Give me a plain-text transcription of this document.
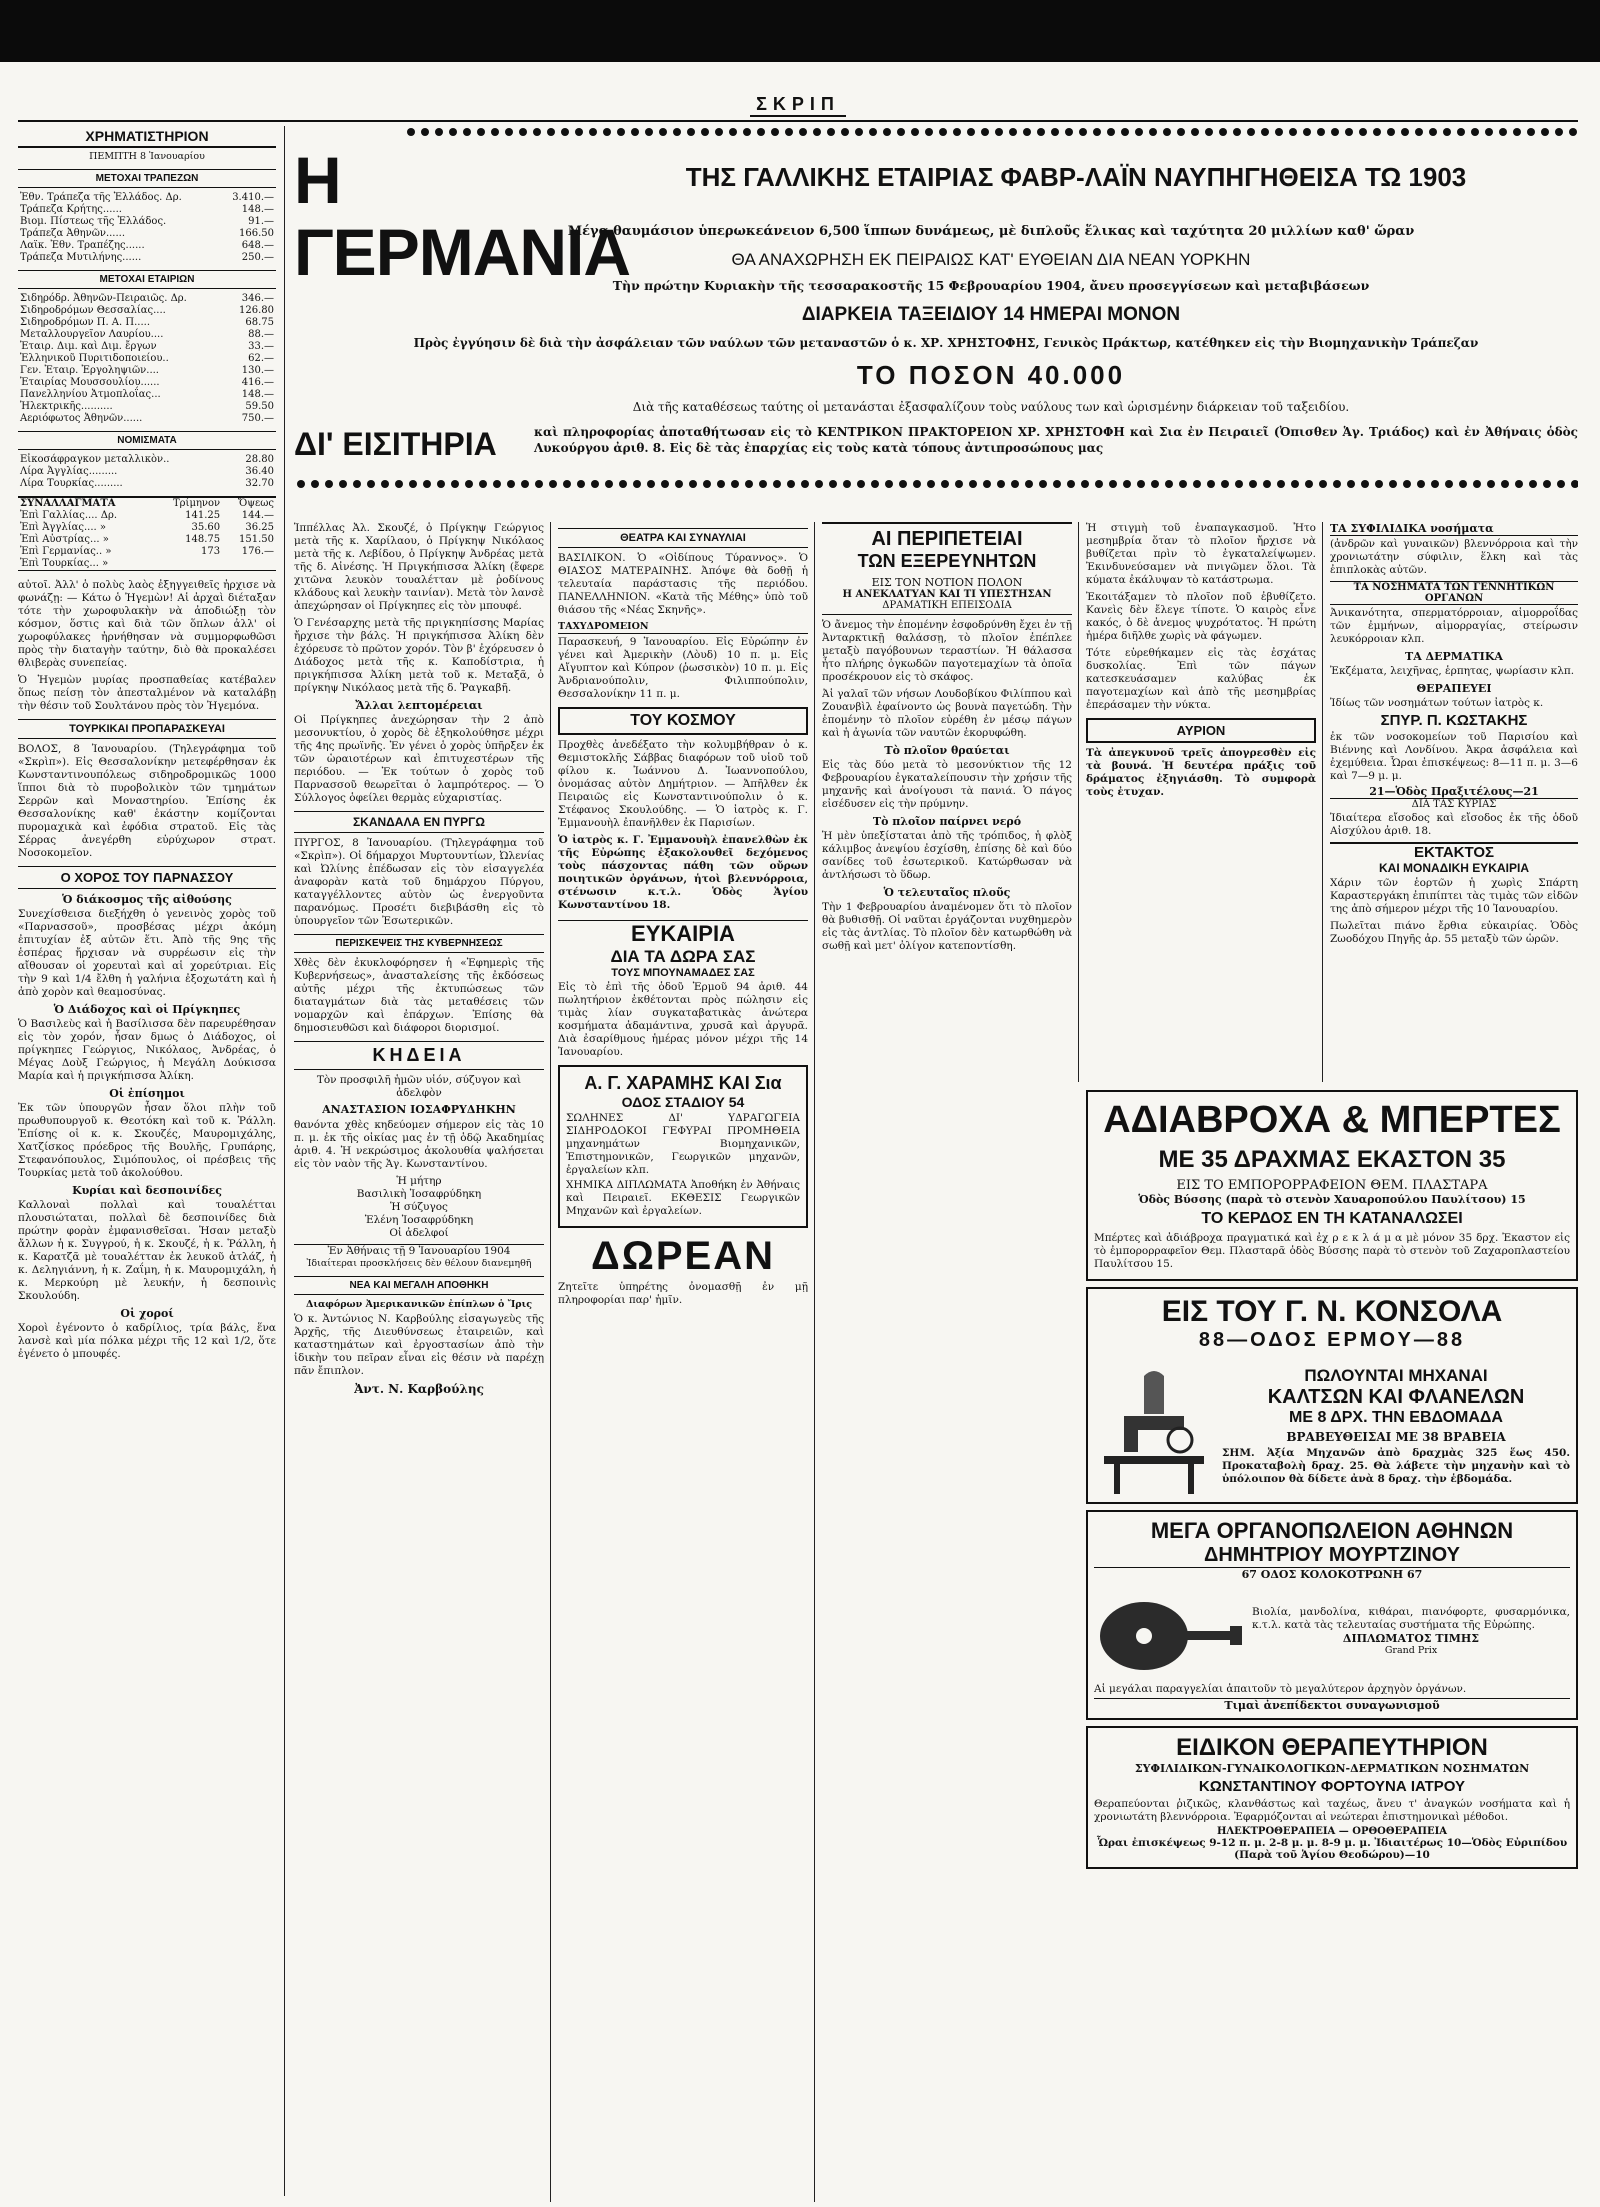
ΣΚΡΙΠ
ΧΡΗΜΑΤΙΣΤΗΡΙΟΝ
ΠΕΜΠΤΗ 8 Ἰανουαρίου
ΜΕΤΟΧΑΙ ΤΡΑΠΕΖΩΝ
Ἐθν. Τράπεζα τῆς Ἑλλάδος. Δρ.	3.410.—
Τράπεζα Κρήτης......	148.—
Βιομ. Πίστεως τῆς Ἑλλάδος.	91.—
Τράπεζα Ἀθηνῶν......	166.50
Λαϊκ. Ἐθν. Τραπέζης......	648.—
Τράπεζα Μυτιλήνης......	250.—
ΜΕΤΟΧΑΙ ΕΤΑΙΡΙΩΝ
Σιδηρόδρ. Ἀθηνῶν-Πειραιῶς. Δρ.	346.—
Σιδηροδρόμων Θεσσαλίας....	126.80
Σιδηροδρόμων Π. Α. Π.....	68.75
Μεταλλουργεῖον Λαυρίου....	88.—
Ἐταιρ. Διμ. καὶ Διμ. ἔργων	33.—
Ἑλληνικοῦ Πυριτιδοποιείου..	62.—
Γεν. Ἐταιρ. Ἐργοληψιῶν....	130.—
Ἐταιρίας Μουσσουλίου......	416.—
Πανελληνίου Ἀτμοπλοΐας...	148.—
Ἠλεκτρικῆς..........	59.50
Αεριόφωτος Ἀθηνῶν......	750.—
ΝΟΜΙΣΜΑΤΑ
Εἰκοσάφραγκον μεταλλικὸν..	28.80
Λίρα Ἀγγλίας.........	36.40
Λίρα Τουρκίας.........	32.70
ΣΥΝΑΛΛΑΓΜΑΤΑ	Τρίμηνον	Ὄψεως
Ἐπὶ Γαλλίας.... Δρ.	141.25	144.—
Ἐπὶ Ἀγγλίας.... »	35.60	36.25
Ἐπὶ Αὐστρίας... »	148.75	151.50
Ἐπὶ Γερμανίας.. »	173	176.—
Ἐπὶ Τουρκίας... »		

αὐτοῖ. Ἀλλ' ὁ πολὺς λαὸς ἐξηγγειθεῖς ἠρχισε νὰ φωνάζῃ: — Κάτω ὁ Ἠγεμὼν! Αἱ ἀρχαὶ διέταξαν τότε τὴν χωροφυλακὴν νὰ ἀποδιώξῃ τὸν κόσμον, ὅστις καὶ διὰ τῶν ὅπλων ἀλλ' οἱ χωροφύλακες ἠρνήθησαν νὰ συμμορφωθῶσι πρὸς τὴν διαταγὴν ταύτην, διὸ θὰ προκαλέσει θλιβερὰς συνεπείας.

Ὁ Ἡγεμὼν μυρίας προσπαθείας κατέβαλεν ὅπως πείσῃ τὸν ἀπεσταλμένον νὰ καταλάβῃ τὴν θέσιν τοῦ Σουλτάνου πρὸς τὸν Ἠγεμόνα.

ΤΟΥΡΚΙΚΑΙ ΠΡΟΠΑΡΑΣΚΕΥΑΙ

ΒΟΛΟΣ, 8 Ἰανουαρίου. (Τηλεγράφημα τοῦ «Σκρὶπ»). Εἰς Θεσσαλονίκην μετεφέρθησαν ἐκ Κωνσταντινουπόλεως σιδηροδρομικῶς 1000 ἵπποι διὰ τὸ πυροβολικὸν τῶν τμημάτων Σερρῶν καὶ Μοναστηρίου. Ἐπίσης ἐκ Θεσσαλονίκης καθ' ἑκάστην κομίζονται πυρομαχικὰ καὶ ἐφόδια στρατοῦ. Εἰς τὰς Σέρρας ἀνεγέρθη εὐρύχωρον στρατ. Νοσοκομεῖον.

Ο ΧΟΡΟΣ ΤΟΥ ΠΑΡΝΑΣΣΟΥ
Ὁ διάκοσμος τῆς αἰθούσης

Συνεχίσθεισα διεξήχθη ὁ γενεινὸς χορὸς τοῦ «Παρνασσοῦ», προσβέσας μέχρι ἀκόμη ἐπιτυχίαν ἐξ αὐτῶν ἕτι. Ἀπὸ τῆς 9ης τῆς ἑσπέρας ἤρχισαν νὰ συρρέωσιν εἰς τὴν αἴθουσαν οἱ χορευταὶ καὶ αἱ χορεύτριαι. Εἰς τὴν 9 καὶ 1/4 ἔλθη ἡ γαλήνια ἐξοχωτάτη καὶ ἡ ἀπὸ χορὸν καὶ θεαμοσύνας.

Ὁ Διάδοχος καὶ οἱ Πρίγκηπες

Ὁ Βασιλεὺς καὶ ἡ Βασίλισσα δὲν παρευρέθησαν εἰς τὸν χορόν, ἦσαν δμως ὁ Διάδοχος, οἱ πρίγκηπες Γεώργιος, Νικόλαος, Ἀνδρέας, ὁ Μέγας Δοὺξ Γεώργιος, ἡ Μεγάλη Δούκισσα Μαρία καὶ ἡ πριγκήπισσα Ἀλίκη.

Οἱ ἐπίσημοι

Ἐκ τῶν ὑπουργῶν ἦσαν ὅλοι πλὴν τοῦ πρωθυπουργοῦ κ. Θεοτόκη καὶ τοῦ κ. Ῥάλλη. Ἐπίσης οἱ κ. κ. Σκουζές, Μαυρομιχάλης, Χατζίσκος πρόεδρος τῆς Βουλῆς, Γρυπάρης, Στεφανόπουλος, Σιμόπουλος, οἱ πρέσβεις τῆς Τουρκίας μετὰ τοῦ ἀκολούθου.

Κυρίαι καὶ δεσποινίδες

Καλλοναὶ πολλαὶ καὶ τουαλέτται πλουσιώταται, πολλαὶ δὲ δεσποινίδες διὰ πρώτην φορὰν ἐμφανισθεῖσαι. Ἡσαν μεταξὺ ἄλλων ἡ κ. Συγγρού, ἡ κ. Σκουζέ, ἡ κ. Ῥάλλη, ἡ κ. Καρατζᾶ μὲ τουαλέτταν ἐκ λευκοῦ ἀτλάζ, ἡ κ. Δεληγιάννη, ἡ κ. Ζαΐμη, ἡ κ. Μαυρομιχάλη, ἡ κ. Μερκούρη μὲ λευκήν, ἡ δεσποινὶς Σκουλούδη.

Οἱ χοροί

Χοροὶ ἐγένοντο ὁ καδρίλιος, τρία βάλς, ἕνα λανσὲ καὶ μία πόλκα μέχρι τῆς 12 καὶ 1/2, ὅτε ἐγένετο ὁ μπουφές.

Η ΓΕΡΜΑΝΙΑ
ΤΗΣ ΓΑΛΛΙΚΗΣ ΕΤΑΙΡΙΑΣ ΦΑΒΡ-ΛΑΪΝ ΝΑΥΠΗΓΗΘΕΙΣΑ ΤΩ 1903
Μέγα θαυμάσιον ὑπερωκεάνειον 6,500 ἵππων δυνάμεως, μὲ διπλοῦς ἕλικας καὶ ταχύτητα 20 μιλλίων καθ' ὥραν
ΘΑ ΑΝΑΧΩΡΗΣΗ ΕΚ ΠΕΙΡΑΙΩΣ ΚΑΤ' ΕΥΘΕΙΑΝ ΔΙΑ ΝΕΑΝ ΥΟΡΚΗΝ
Τὴν πρώτην Κυριακὴν τῆς τεσσαρακοστῆς 15 Φεβρουαρίου 1904, ἄνευ προσεγγίσεων καὶ μεταβιβάσεων
ΔΙΑΡΚΕΙΑ ΤΑΞΕΙΔΙΟΥ 14 ΗΜΕΡΑΙ ΜΟΝΟΝ
Πρὸς ἐγγύησιν δὲ διὰ τὴν ἀσφάλειαν τῶν ναύλων τῶν μεταναστῶν ὁ κ. ΧΡ. ΧΡΗΣΤΟΦΗΣ, Γενικὸς Πράκτωρ, κατέθηκεν εἰς τὴν Βιομηχανικὴν Τράπεζαν
ΤΟ ΠΟΣΟΝ 40.000
Διὰ τῆς καταθέσεως ταύτης οἱ μετανάσται ἐξασφαλίζουν τοὺς ναύλους των καὶ ὡρισμένην διάρκειαν τοῦ ταξειδίου.
ΔΙ' ΕΙΣΙΤΗΡΙΑ	καὶ πληροφορίας ἀποταθήτωσαν εἰς τὸ ΚΕΝΤΡΙΚΟΝ ΠΡΑΚΤΟΡΕΙΟΝ ΧΡ. ΧΡΗΣΤΟΦΗ καὶ Σια ἐν Πειραιεῖ (Ὀπισθεν Ἁγ. Τριάδος) καὶ ἐν Ἀθήναις ὁδὸς Λυκούργου ἀριθ. 8. Εἰς δὲ τὰς ἐπαρχίας εἰς τοὺς κατὰ τόπους ἀντιπροσώπους μας

Ἱππέλλας Ἀλ. Σκουζέ, ὁ Πρίγκηψ Γεώργιος μετὰ τῆς κ. Χαρίλαου, ὁ Πρίγκηψ Νικόλαος μετὰ τῆς κ. Λεβίδου, ὁ Πρίγκηψ Ἀνδρέας μετὰ τῆς δ. Αἰνέσης. Ἡ Πριγκήπισσα Ἀλίκη (ἔφερε χιτῶνα λευκὸν τουαλέτταν μὲ ῥοδίνους κλάδους καὶ λευκὴν ταινίαν). Μετὰ τὸν λανσὲ ἀπεχώρησαν οἱ Πρίγκηπες εἰς τὸν μπουφέ.

Ὁ Γενέσαρχης μετὰ τῆς πριγκηπίσσης Μαρίας ἤρχισε τὴν βάλς. Ἡ πριγκήπισσα Ἀλίκη δὲν ἐχόρευσε τὸ πρῶτον χορόν. Τὸν β' ἐχόρευσεν ὁ Διάδοχος μετὰ τῆς κ. Καποδίστρια, ἡ πριγκήπισσα Ἀλίκη μετὰ τοῦ κ. Μεταξᾶ, ὁ πρίγκηψ Νικόλαος μετὰ τῆς δ. Ῥαγκαβῆ.

Ἄλλαι λεπτομέρειαι

Οἱ Πρίγκηπες ἀνεχώρησαν τὴν 2 ἀπὸ μεσονυκτίου, ὁ χορὸς δὲ ἐξηκολούθησε μέχρι τῆς 4ης πρωϊνῆς. Ἐν γένει ὁ χορὸς ὑπῆρξεν ἐκ τῶν ὡραιοτέρων καὶ ἐπιτυχεστέρων τῆς περιόδου. — Ἐκ τούτων ὁ χορὸς τοῦ Παρνασσοῦ θεωρεῖται ὁ λαμπρότερος. — Ὁ Σύλλογος ὁφείλει θερμὰς εὐχαριστίας.

ΣΚΑΝΔΑΛΑ ΕΝ ΠΥΡΓΩ

ΠΥΡΓΟΣ, 8 Ἰανουαρίου. (Τηλεγράφημα τοῦ «Σκρὶπ»). Οἱ δήμαρχοι Μυρτουντίων, Ὠλενίας καὶ Ὠλίνης ἐπέδωσαν εἰς τὸν εἰσαγγελέα ἀναφορὰν κατὰ τοῦ δημάρχου Πύργου, καταγγέλλοντες αὐτὸν ὡς ἐνεργοῦντα παρανόμως. Προσέτι διεβιβάσθη εἰς τὸ ὑπουργεῖον τῶν Ἐσωτερικῶν.

ΠΕΡΙΣΚΕΨΕΙΣ ΤΗΣ ΚΥΒΕΡΝΗΣΕΩΣ

Χθὲς δὲν ἐκυκλοφόρησεν ἡ «Ἐφημερὶς τῆς Κυβερνήσεως», ἀνασταλείσης τῆς ἐκδόσεως αὐτῆς μέχρι τῆς ἐκτυπώσεως τῶν διαταγμάτων διὰ τὰς μεταθέσεις τῶν νομαρχῶν καὶ ἐπάρχων. Ἐπίσης θὰ δημοσιευθῶσι καὶ διάφοροι διορισμοί.

ΚΗΔΕΙΑ

Τὸν προσφιλῆ ἡμῶν υἱόν, σύζυγον καὶ ἀδελφὸν

ΑΝΑΣΤΑΣΙΟΝ ΙΟΣΑΦΡΥΔΗΚΗΝ

θανόντα χθὲς κηδεύομεν σήμερον εἰς τὰς 10 π. μ. ἐκ τῆς οἰκίας μας ἐν τῇ ὁδῷ Ἀκαδημίας ἀριθ. 4. Ἡ νεκρώσιμος ἀκολουθία ψαλήσεται εἰς τὸν ναὸν τῆς Ἁγ. Κωνσταντίνου.

Ἡ μήτηρ
Βασιλικὴ Ἰοσαφρύδηκη
Ἡ σύζυγος
Ἑλένη Ἰοσαφρύδηκη
Οἱ ἀδελφοί
Ἐν Ἀθήναις τῇ 9 Ἰανουαρίου 1904
Ἰδιαίτεραι προσκλήσεις δὲν θέλουν διανεμηθῆ
ΝΕΑ ΚΑΙ ΜΕΓΑΛΗ ΑΠΟΘΗΚΗ
Διαφόρων Ἀμερικανικῶν ἐπίπλων ὁ Ἴρις

Ὁ κ. Ἀντώνιος Ν. Καρβούλης εἰσαγωγεὺς τῆς Ἀρχῆς, τῆς Διευθύνσεως ἑταιρειῶν, καὶ καταστημάτων καὶ ἐργοστασίων ἀπὸ τὴν ἰδικὴν του πεῖραν εἶναι εἰς θέσιν νὰ παρέχῃ πᾶν ἔπιπλον.

Ἀντ. Ν. Καρβούλης
ΘΕΑΤΡΑ ΚΑΙ ΣΥΝΑΥΛΙΑΙ

ΒΑΣΙΛΙΚΟΝ. Ὁ «Οἰδίπους Τύραννος». Ὁ ΘΙΑΣΟΣ ΜΑΤΕΡΑΙΝΗΣ. Ἀπόψε θὰ δοθῇ ἡ τελευταία παράστασις τῆς περιόδου. ΠΑΝΕΛΛΗΝΙΟΝ. «Κατὰ τῆς Μέθης» ὑπὸ τοῦ θιάσου τῆς «Νέας Σκηνῆς».

ΤΑΧΥΔΡΟΜΕΙΟΝ

Παρασκευή, 9 Ἰανουαρίου. Εἰς Εὐρώπην ἐν γένει καὶ Ἀμερικὴν (Λὸυδ) 10 π. μ. Εἰς Αἴγυπτον καὶ Κύπρον (ῥωσσικὸν) 10 π. μ. Εἰς Ἀνδριανούπολιν, Φιλιππούπολιν, Θεσσαλονίκην 11 π. μ.

ΤΟΥ ΚΟΣΜΟΥ

Προχθὲς ἀνεδέξατο τὴν κολυμβήθραν ὁ κ. Θεμιστοκλῆς Σάββας διαφόρων τοῦ υἱοῦ τοῦ φίλου κ. Ἰωάννου Δ. Ἰωαννοπούλου, ὀνομάσας αὐτὸν Δημήτριον. — Ἀπῆλθεν ἐκ Πειραιῶς εἰς Κωνσταντινούπολιν ὁ κ. Στέφανος Σκουλούδης. — Ὁ ἰατρὸς κ. Γ. Ἐμμανουὴλ ἐπανῆλθεν ἐκ Παρισίων.

Ὁ ἰατρὸς κ. Γ. Ἐμμανουὴλ ἐπανελθὼν ἐκ τῆς Εὐρώπης ἐξακολουθεῖ δεχόμενος τοὺς πάσχοντας πάθη τῶν οὔρων ποιητικῶν ὀργάνων, ἡτοὶ βλεννόρροια, στένωσιν κ.τ.λ. Ὁδὸς Ἁγίου Κωνσταντίνου 18.

ΕΥΚΑΙΡΙΑ
ΔΙΑ ΤΑ ΔΩΡΑ ΣΑΣ
ΤΟΥΣ ΜΠΟΥΝΑΜΑΔΕΣ ΣΑΣ

Εἰς τὸ ἐπὶ τῆς ὁδοῦ Ἑρμοῦ 94 ἀριθ. 44 πωλητήριον ἐκθέτονται πρὸς πώλησιν εἰς τιμὰς λίαν συγκαταβατικὰς ἀνώτερα κοσμήματα ἀδαμάντινα, χρυσᾶ καὶ ἀργυρᾶ. Διὰ ἐσαρίθμους ἡμέρας μόνον μέχρι τῆς 14 Ἰανουαρίου.

Α. Γ. ΧΑΡΑΜΗΣ ΚΑΙ Σια
ΟΔΟΣ ΣΤΑΔΙΟΥ 54

ΣΩΛΗΝΕΣ ΔΙ' ΥΔΡΑΓΩΓΕΙΑ ΣΙΔΗΡΟΔΟΚΟΙ ΓΕΦΥΡΑΙ ΠΡΟΜΗΘΕΙΑ μηχανημάτων Βιομηχανικῶν, Ἐπιστημονικῶν, Γεωργικῶν μηχανῶν, ἐργαλείων κλπ.

ΧΗΜΙΚΑ ΔΙΠΛΩΜΑΤΑ Ἀποθήκη ἐν Ἀθήναις καὶ Πειραιεῖ. ΕΚΘΕΣΙΣ Γεωργικῶν Μηχανῶν καὶ ἐργαλείων.

ΔΩΡΕΑΝ

Ζητεῖτε ὑπηρέτης ὀνομασθῇ ἐν μῇ πληροφορίαι παρ' ἡμῖν.

ΑΙ ΠΕΡΙΠΕΤΕΙΑΙ
ΤΩΝ ΕΞΕΡΕΥΝΗΤΩΝ
ΕΙΣ ΤΟΝ ΝΟΤΙΟΝ ΠΟΛΟΝ
Η ΑΝΕΚΛΑΤΥΑΝ ΚΑΙ ΤΙ ΥΠΕΣΤΗΣΑΝ
ΔΡΑΜΑΤΙΚΗ ΕΠΕΙΣΟΔΙΑ

Ὁ ἄνεμος τὴν ἐπομένην ἐσφοδρύνθη ἔχει ἐν τῇ Ἀνταρκτικῇ θαλάσσῃ, τὸ πλοῖον ἐπέπλεε μεταξὺ παγόβουνων τεραστίων. Ἡ θάλασσα ἦτο πλήρης ὀγκωδῶν παγοτεμαχίων τὰ ὁποῖα προσέκρουον εἰς τὸ σκάφος.

Ἀἱ γαλαῖ τῶν νήσων Λουδοβίκου Φιλίππου καὶ Ζουανβὶλ ἐφαίνοντο ὡς βουνὰ παγετώδη. Τὴν ἐπομένην τὸ πλοῖον εὑρέθη ἐν μέσῳ πάγων καὶ ἡ ἀγωνία τῶν ναυτῶν ἐκορυφώθη.

Τὸ πλοῖον θραύεται

Εἰς τὰς δύο μετὰ τὸ μεσονύκτιον τῆς 12 Φεβρουαρίου ἐγκαταλείπουσιν τὴν χρήσιν τῆς μηχανῆς καὶ ἀνοίγουσι τὰ πανιά. Ὁ πάγος εἰσέδυσεν εἰς τὴν πρύμνην.

Τὸ πλοῖον παίρνει νερό

Ἡ μὲν ὑπεξίσταται ἀπὸ τῆς τρόπιδος, ἡ φλὸξ κάλιμβος ἀνεψίου ἐσχίσθη, ἐπίσης δὲ καὶ δύο σανίδες τοῦ ἐσωτερικοῦ. Κατώρθωσαν νὰ ἀντλήσωσι τὸ ὕδωρ.

Ὁ τελευταῖος πλοῦς

Τὴν 1 Φεβρουαρίου ἀναμένομεν ὅτι τὸ πλοῖον θὰ βυθισθῇ. Οἱ ναῦται ἐργάζονται νυχθημερὸν εἰς τὰς ἀντλίας. Τὸ πλοῖον δὲν κατωρθώθη νὰ σωθῇ καὶ μετ' ὀλίγον κατεποντίσθη.

Ἡ στιγμὴ τοῦ ἐναπαγκασμοῦ. Ἦτο μεσημβρία ὅταν τὸ πλοῖον ἤρχισε νὰ βυθίζεται πρὶν τὸ ἐγκαταλείψωμεν. Ἐκινδυνεύσαμεν νὰ πνιγῶμεν ὅλοι. Τὰ κύματα ἐκάλυψαν τὸ κατάστρωμα.

Ἐκοιτάξαμεν τὸ πλοῖον ποῦ ἐβυθίζετο. Κανεὶς δὲν ἔλεγε τίποτε. Ὁ καιρὸς εἶνε κακός, ὁ δὲ ἀνεμος ψυχρότατος. Ἡ πρώτη ἡμέρα διῆλθε χωρὶς νὰ φάγωμεν.

Τότε εὑρεθήκαμεν εἰς τὰς ἐσχάτας δυσκολίας. Ἐπὶ τῶν πάγων κατεσκευάσαμεν καλύβας ἐκ παγοτεμαχίων καὶ ἀπὸ τῆς μεσημβρίας ἐπεράσαμεν τὴν νύκτα.

ΑΥΡΙΟΝ

Τὰ ἀπεγκυνοῦ τρεῖς ἀπογρεσθὲν εἰς τὰ βουνά. Ἡ δευτέρα πράξις τοῦ δράματος ἐξηγιάσθη. Τὸ συμφορὰ τοὺς ἐτυχαν.

ΤΑ ΣΥΦΙΛΙΔΙΚΑ νοσήματα

(ἀνδρῶν καὶ γυναικῶν) βλεννόρροια καὶ τὴν χρονιωτάτην σύφιλιν, ἕλκη καὶ τὰς ἐπιπλοκὰς αὐτῶν.

ΤΑ ΝΟΣΗΜΑΤΑ ΤΩΝ ΓΕΝΝΗΤΙΚΩΝ ΟΡΓΑΝΩΝ

Ἀνικανότητα, σπερματόρροιαν, αἱμορροΐδας τῶν ἐμμήνων, αἱμορραγίας, στείρωσιν λευκόρροιαν κλπ.

ΤΑ ΔΕΡΜΑΤΙΚΑ

Ἐκζέματα, λειχῆνας, ἑρπητας, ψωρίασιν κλπ.

ΘΕΡΑΠΕΥΕΙ

Ἰδίως τῶν νοσημάτων τούτων ἰατρὸς κ.

ΣΠΥΡ. Π. ΚΩΣΤΑΚΗΣ

ἐκ τῶν νοσοκομείων τοῦ Παρισίου καὶ Βιέννης καὶ Λονδίνου. Ἀκρα ἀσφάλεια καὶ ἐχεμύθεια. Ὧραι ἐπισκέψεως: 8—11 π. μ. 3—6 καὶ 7—9 μ. μ.

21—Ὁδὸς Πραξιτέλους—21
ΔΙΑ ΤΑΣ ΚΥΡΙΑΣ

Ἰδιαίτερα εἴσοδος καὶ εἴσοδος ἐκ τῆς ὁδοῦ Αἰσχύλου ἀριθ. 18.

ΕΚΤΑΚΤΟΣ
ΚΑΙ ΜΟΝΑΔΙΚΗ ΕΥΚΑΙΡΙΑ

Χάριν τῶν ἑορτῶν ἡ χωρὶς Σπάρτη Καραστεργάκη ἐπιπίπτει τὰς τιμὰς τῶν εἰδῶν της ἀπὸ σήμερον μέχρι τῆς 10 Ἰανουαρίου.

Πωλεῖται πιάνο ἔρθια εὐκαιρίας. Ὁδὸς Ζωοδόχου Πηγῆς ἀρ. 55 μεταξὺ τῶν ὡρῶν.

ΑΔΙΑΒΡΟΧΑ & ΜΠΕΡΤΕΣ
ΜΕ 35 ΔΡΑΧΜΑΣ ΕΚΑΣΤΟΝ 35
ΕΙΣ ΤΟ ΕΜΠΟΡΟΡΡΑΦΕΙΟΝ ΘΕΜ. ΠΛΑΣΤΑΡΑ
Ὁδὸς Βύσσης (παρὰ τὸ στενὸν Χαυαροπούλου Παυλίτσου) 15
ΤΟ ΚΕΡΔΟΣ ΕΝ ΤΗ ΚΑΤΑΝΑΛΩΣΕΙ

Μπέρτες καὶ ἀδιάβροχα πραγματικά καὶ ἐχ ρ ε κ λ ά μ α μὲ μόνον 35 δρχ. Ἐκαστον εἰς τὸ ἐμπορορραφεῖον Θεμ. Πλασταρᾶ ὁδὸς Βύσσης παρὰ τὸ στενὸν τοῦ Ζαχαροπλαστείου Παυλίτσου 15.

ΕΙΣ ΤΟΥ Γ. Ν. ΚΟΝΣΟΛΑ
88—ΟΔΟΣ ΕΡΜΟΥ—88
ΠΩΛΟΥΝΤΑΙ ΜΗΧΑΝΑΙ
ΚΑΛΤΣΩΝ ΚΑΙ ΦΛΑΝΕΛΩΝ
ΜΕ 8 ΔΡΧ. ΤΗΝ ΕΒΔΟΜΑΔΑ
ΒΡΑΒΕΥΘΕΙΣΑΙ ΜΕ 38 ΒΡΑΒΕΙΑ

ΣΗΜ. Ἀξία Μηχανῶν ἀπὸ δραχμὰς 325 ἕως 450. Προκαταβολὴ δραχ. 25. Θὰ λάβετε τὴν μηχανὴν καὶ τὸ ὑπόλοιπον θὰ δίδετε ἀνὰ 8 δραχ. τὴν ἑβδομάδα.

ΜΕΓΑ ΟΡΓΑΝΟΠΩΛΕΙΟΝ ΑΘΗΝΩΝ
ΔΗΜΗΤΡΙΟΥ ΜΟΥΡΤΖΙΝΟΥ
67 ΟΔΟΣ ΚΟΛΟΚΟΤΡΩΝΗ 67

Βιολία, μανδολίνα, κιθάραι, πιανόφορτε, φυσαρμόνικα, κ.τ.λ. κατὰ τὰς τελευταίας συστήματα τῆς Εὐρώπης.

ΔΙΠΛΩΜΑΤΟΣ ΤΙΜΗΣ
Grand Prix

Αἱ μεγάλαι παραγγελίαι ἀπαιτοῦν τὸ μεγαλύτερον ἀρχηγὸν ὀργάνων.

Τιμαὶ ἀνεπίδεκτοι συναγωνισμοῦ
ΕΙΔΙΚΟΝ ΘΕΡΑΠΕΥΤΗΡΙΟΝ
ΣΥΦΙΛΙΔΙΚΩΝ-ΓΥΝΑΙΚΟΛΟΓΙΚΩΝ-ΔΕΡΜΑΤΙΚΩΝ ΝΟΣΗΜΑΤΩΝ
ΚΩΝΣΤΑΝΤΙΝΟΥ ΦΟΡΤΟΥΝΑ ΙΑΤΡΟΥ

Θεραπεύονται ῥιζικῶς, κλανθάστως καὶ ταχέως, ἄνευ τ' ἀναγκών νοσήματα καὶ ἡ χρονιωτάτη βλεννόρροια. Ἐφαρμόζονται αἱ νεώτεραι ἐπιστημονικαὶ μέθοδοι.

ΗΛΕΚΤΡΟΘΕΡΑΠΕΙΑ — ΟΡΘΟΘΕΡΑΠΕΙΑ
Ὧραι ἐπισκέψεως 9-12 π. μ. 2-8 μ. μ. 8-9 μ. μ. Ἰδιαιτέρως 10—Ὁδὸς Εὐριπίδου (Παρὰ τοῦ Ἁγίου Θεοδώρου)—10
